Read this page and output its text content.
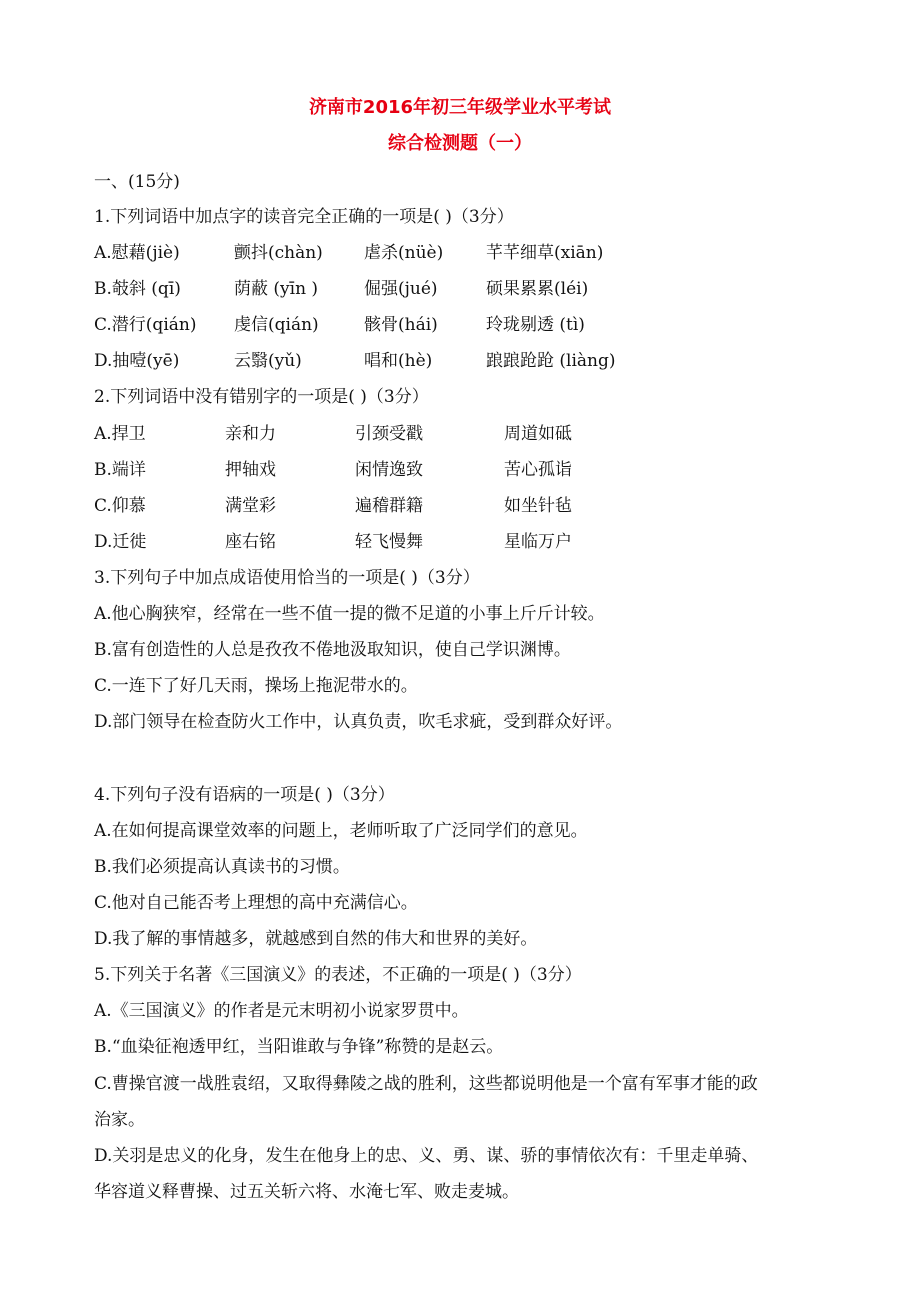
济南市2016年初三年级学业水平考试
综合检测题（一）
一、(15分)
1.下列词语中加点字的读音完全正确的一项是( )（3分）
A.慰藉(jiè)	颤抖(chàn) 虐杀(nüè)	芊芊细草(xiān)
B.攲斜 (qī)	荫蔽 (yīn )	倔强(jué)	硕果累累(léi)
C.潜行(qián) 虔信(qián)	骸骨(hái)	玲珑剔透 (tì)
D.抽噎(yē)	云翳(yǔ)	唱和(hè)	踉踉跄跄 (liàng)
2.下列词语中没有错别字的一项是( )（3分）
A.捍卫	亲和力	引颈受戳	周道如砥
B.端详	押轴戏	闲情逸致	苦心孤诣
C.仰慕	满堂彩	遍稽群籍	如坐针毡
D.迁徙	座右铭	轻飞慢舞	星临万户
3.下列句子中加点成语使用恰当的一项是( )（3分）
A.他心胸狭窄，经常在一些不值一提的微不足道的小事上斤斤计较。
B.富有创造性的人总是孜孜不倦地汲取知识，使自己学识渊博。
C.一连下了好几天雨，操场上拖泥带水的。
D.部门领导在检查防火工作中，认真负责，吹毛求疵，受到群众好评。
4.下列句子没有语病的一项是( )（3分）
A.在如何提高课堂效率的问题上，老师听取了广泛同学们的意见。
B.我们必须提高认真读书的习惯。
C.他对自己能否考上理想的高中充满信心。
D.我了解的事情越多，就越感到自然的伟大和世界的美好。
5.下列关于名著《三国演义》的表述，不正确的一项是( )（3分）
A.《三国演义》的作者是元末明初小说家罗贯中。
B.“血染征袍透甲红，当阳谁敢与争锋”称赞的是赵云。
C.曹操官渡一战胜袁绍，又取得彝陵之战的胜利，这些都说明他是一个富有军事才能的政
治家。
D.关羽是忠义的化身，发生在他身上的忠、义、勇、谋、骄的事情依次有：千里走单骑、
华容道义释曹操、过五关斩六将、水淹七军、败走麦城。
